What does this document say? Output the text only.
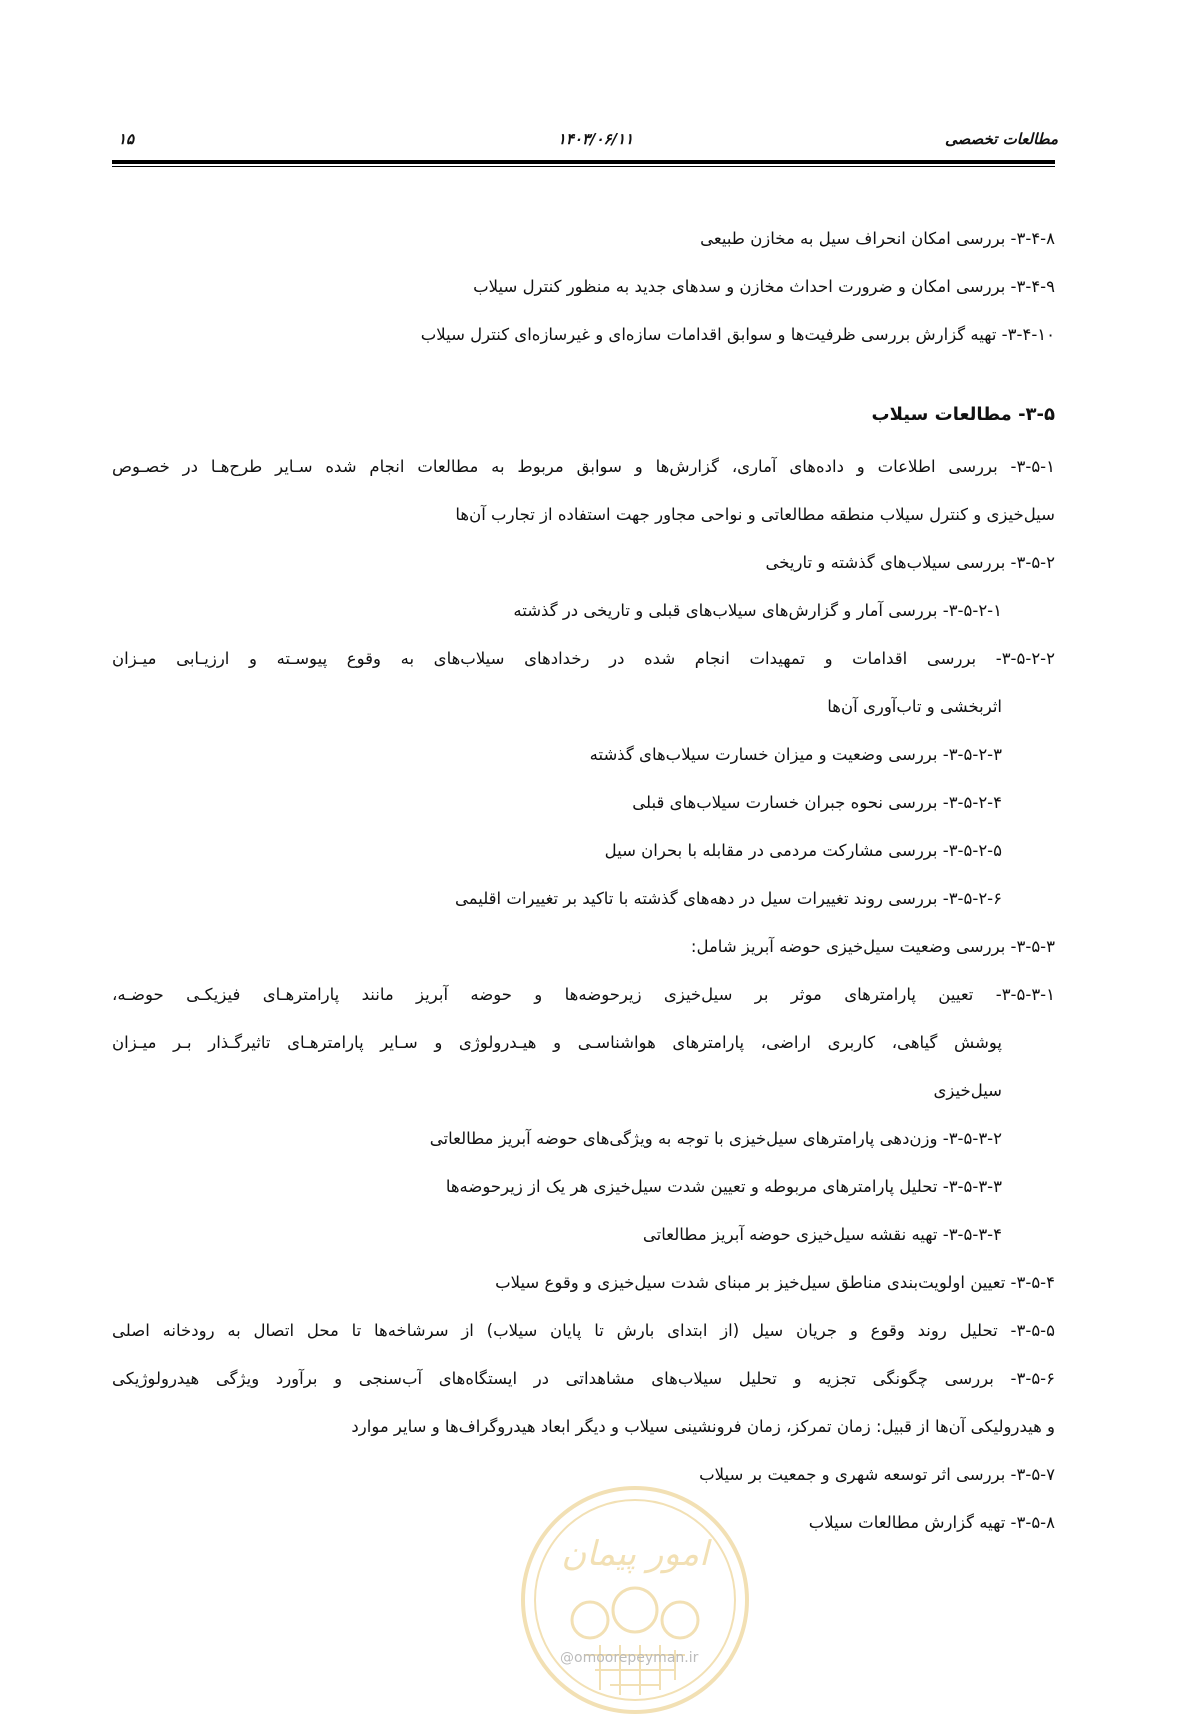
مطالعات تخصصی
۱۴۰۳/۰۶/۱۱
۱۵
۳-۴-۸- بررسی امکان انحراف سیل به مخازن طبیعی
۳-۴-۹- بررسی امکان و ضرورت احداث مخازن و سدهای جدید به منظور کنترل سیلاب
۳-۴-۱۰- تهیه گزارش بررسی ظرفیت‌ها و سوابق اقدامات سازه‌ای و غیرسازه‌ای کنترل سیلاب
۳-۵- مطالعات سیلاب
۳-۵-۱- بررسی اطلاعات و داده‌های آماری، گزارش‌ها و سوابق مربوط به مطالعات انجام شده سـایر طرح‌هـا در خصـوص
سیل‌خیزی و کنترل سیلاب منطقه مطالعاتی و نواحی مجاور جهت استفاده از تجارب آن‌ها
۳-۵-۲- بررسی سیلاب‌های گذشته و تاریخی
۳-۵-۲-۱- بررسی آمار و گزارش‌های سیلاب‌های قبلی و تاریخی در گذشته
۳-۵-۲-۲- بررسی اقدامات و تمهیدات انجام شده در رخدادهای سیلاب‌های به وقوع پیوسـته و ارزیـابی میـزان
اثربخشی و تاب‌آوری آن‌ها
۳-۵-۲-۳- بررسی وضعیت و میزان خسارت سیلاب‌های گذشته
۳-۵-۲-۴- بررسی نحوه جبران خسارت سیلاب‌های قبلی
۳-۵-۲-۵- بررسی مشارکت مردمی در مقابله با بحران سیل
۳-۵-۲-۶- بررسی روند تغییرات سیل در دهه‌های گذشته با تاکید بر تغییرات اقلیمی
۳-۵-۳- بررسی وضعیت سیل‌خیزی حوضه آبریز شامل:
۳-۵-۳-۱- تعیین پارامترهای موثر بر سیل‌خیزی زیرحوضه‌ها و حوضه آبریز مانند پارامترهـای فیزیکـی حوضـه،
پوشش گیاهی، کاربری اراضی، پارامترهای هواشناسـی و هیـدرولوژی و سـایر پارامترهـای تاثیرگـذار بـر میـزان
سیل‌خیزی
۳-۵-۳-۲- وزن‌دهی پارامترهای سیل‌خیزی با توجه به ویژگی‌های حوضه آبریز مطالعاتی
۳-۵-۳-۳- تحلیل پارامترهای مربوطه و تعیین شدت سیل‌خیزی هر یک از زیرحوضه‌ها
۳-۵-۳-۴- تهیه نقشه سیل‌خیزی حوضه آبریز مطالعاتی
۳-۵-۴- تعیین اولویت‌بندی مناطق سیل‌خیز بر مبنای شدت سیل‌خیزی و وقوع سیلاب
۳-۵-۵- تحلیل روند وقوع و جریان سیل (از ابتدای بارش تا پایان سیلاب) از سرشاخه‌ها تا محل اتصال به رودخانه اصلی
۳-۵-۶- بررسی چگونگی تجزیه و تحلیل سیلاب‌های مشاهداتی در ایستگاه‌های آب‌سنجی و برآورد ویژگی هیدرولوژیکی
و هیدرولیکی آن‌ها از قبیل: زمان تمرکز، زمان فرونشینی سیلاب و دیگر ابعاد هیدروگراف‌ها و سایر موارد
۳-۵-۷- بررسی اثر توسعه شهری و جمعیت بر سیلاب
۳-۵-۸- تهیه گزارش مطالعات سیلاب
امور پیمان
@omoorepeyman.ir
